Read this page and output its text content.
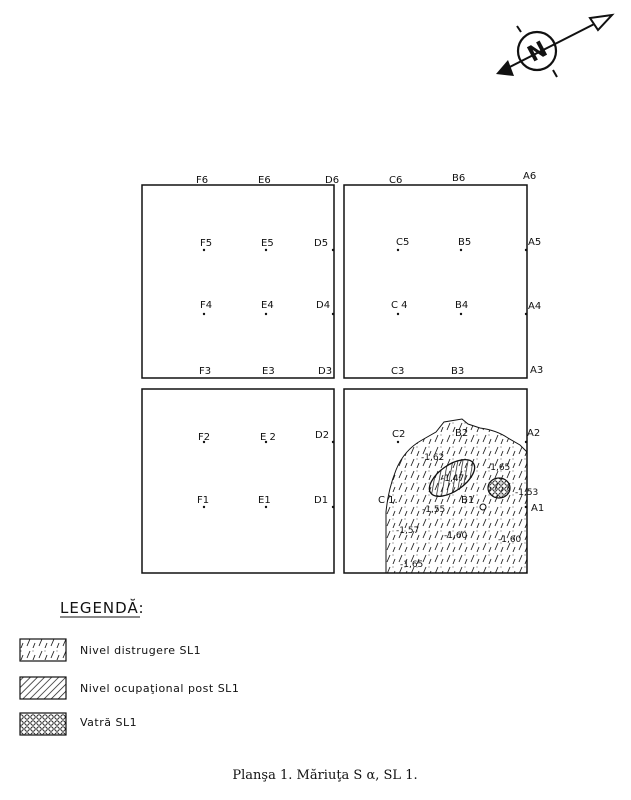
N
F6	E6	D6	C6	B6	A6
F5	E5	D5	C5	B5	A5
F4	E4	D4	C 4	B4	A4
F3	E3	D3	C3	B3	A3
F2	E 2	D2	C2	B2	A2
F1	E1	D1	C 1.	B1
A1
-1,62
-1,47
-1,65
-1,53
-1,55
-1,57	-1,60	-1,60
-1,65
LEGENDĂ:
Nivel distrugere SL1
Nivel ocupaţional post SL1
Vatră SL1
Planşa 1. Măriuţa S α, SL 1.
